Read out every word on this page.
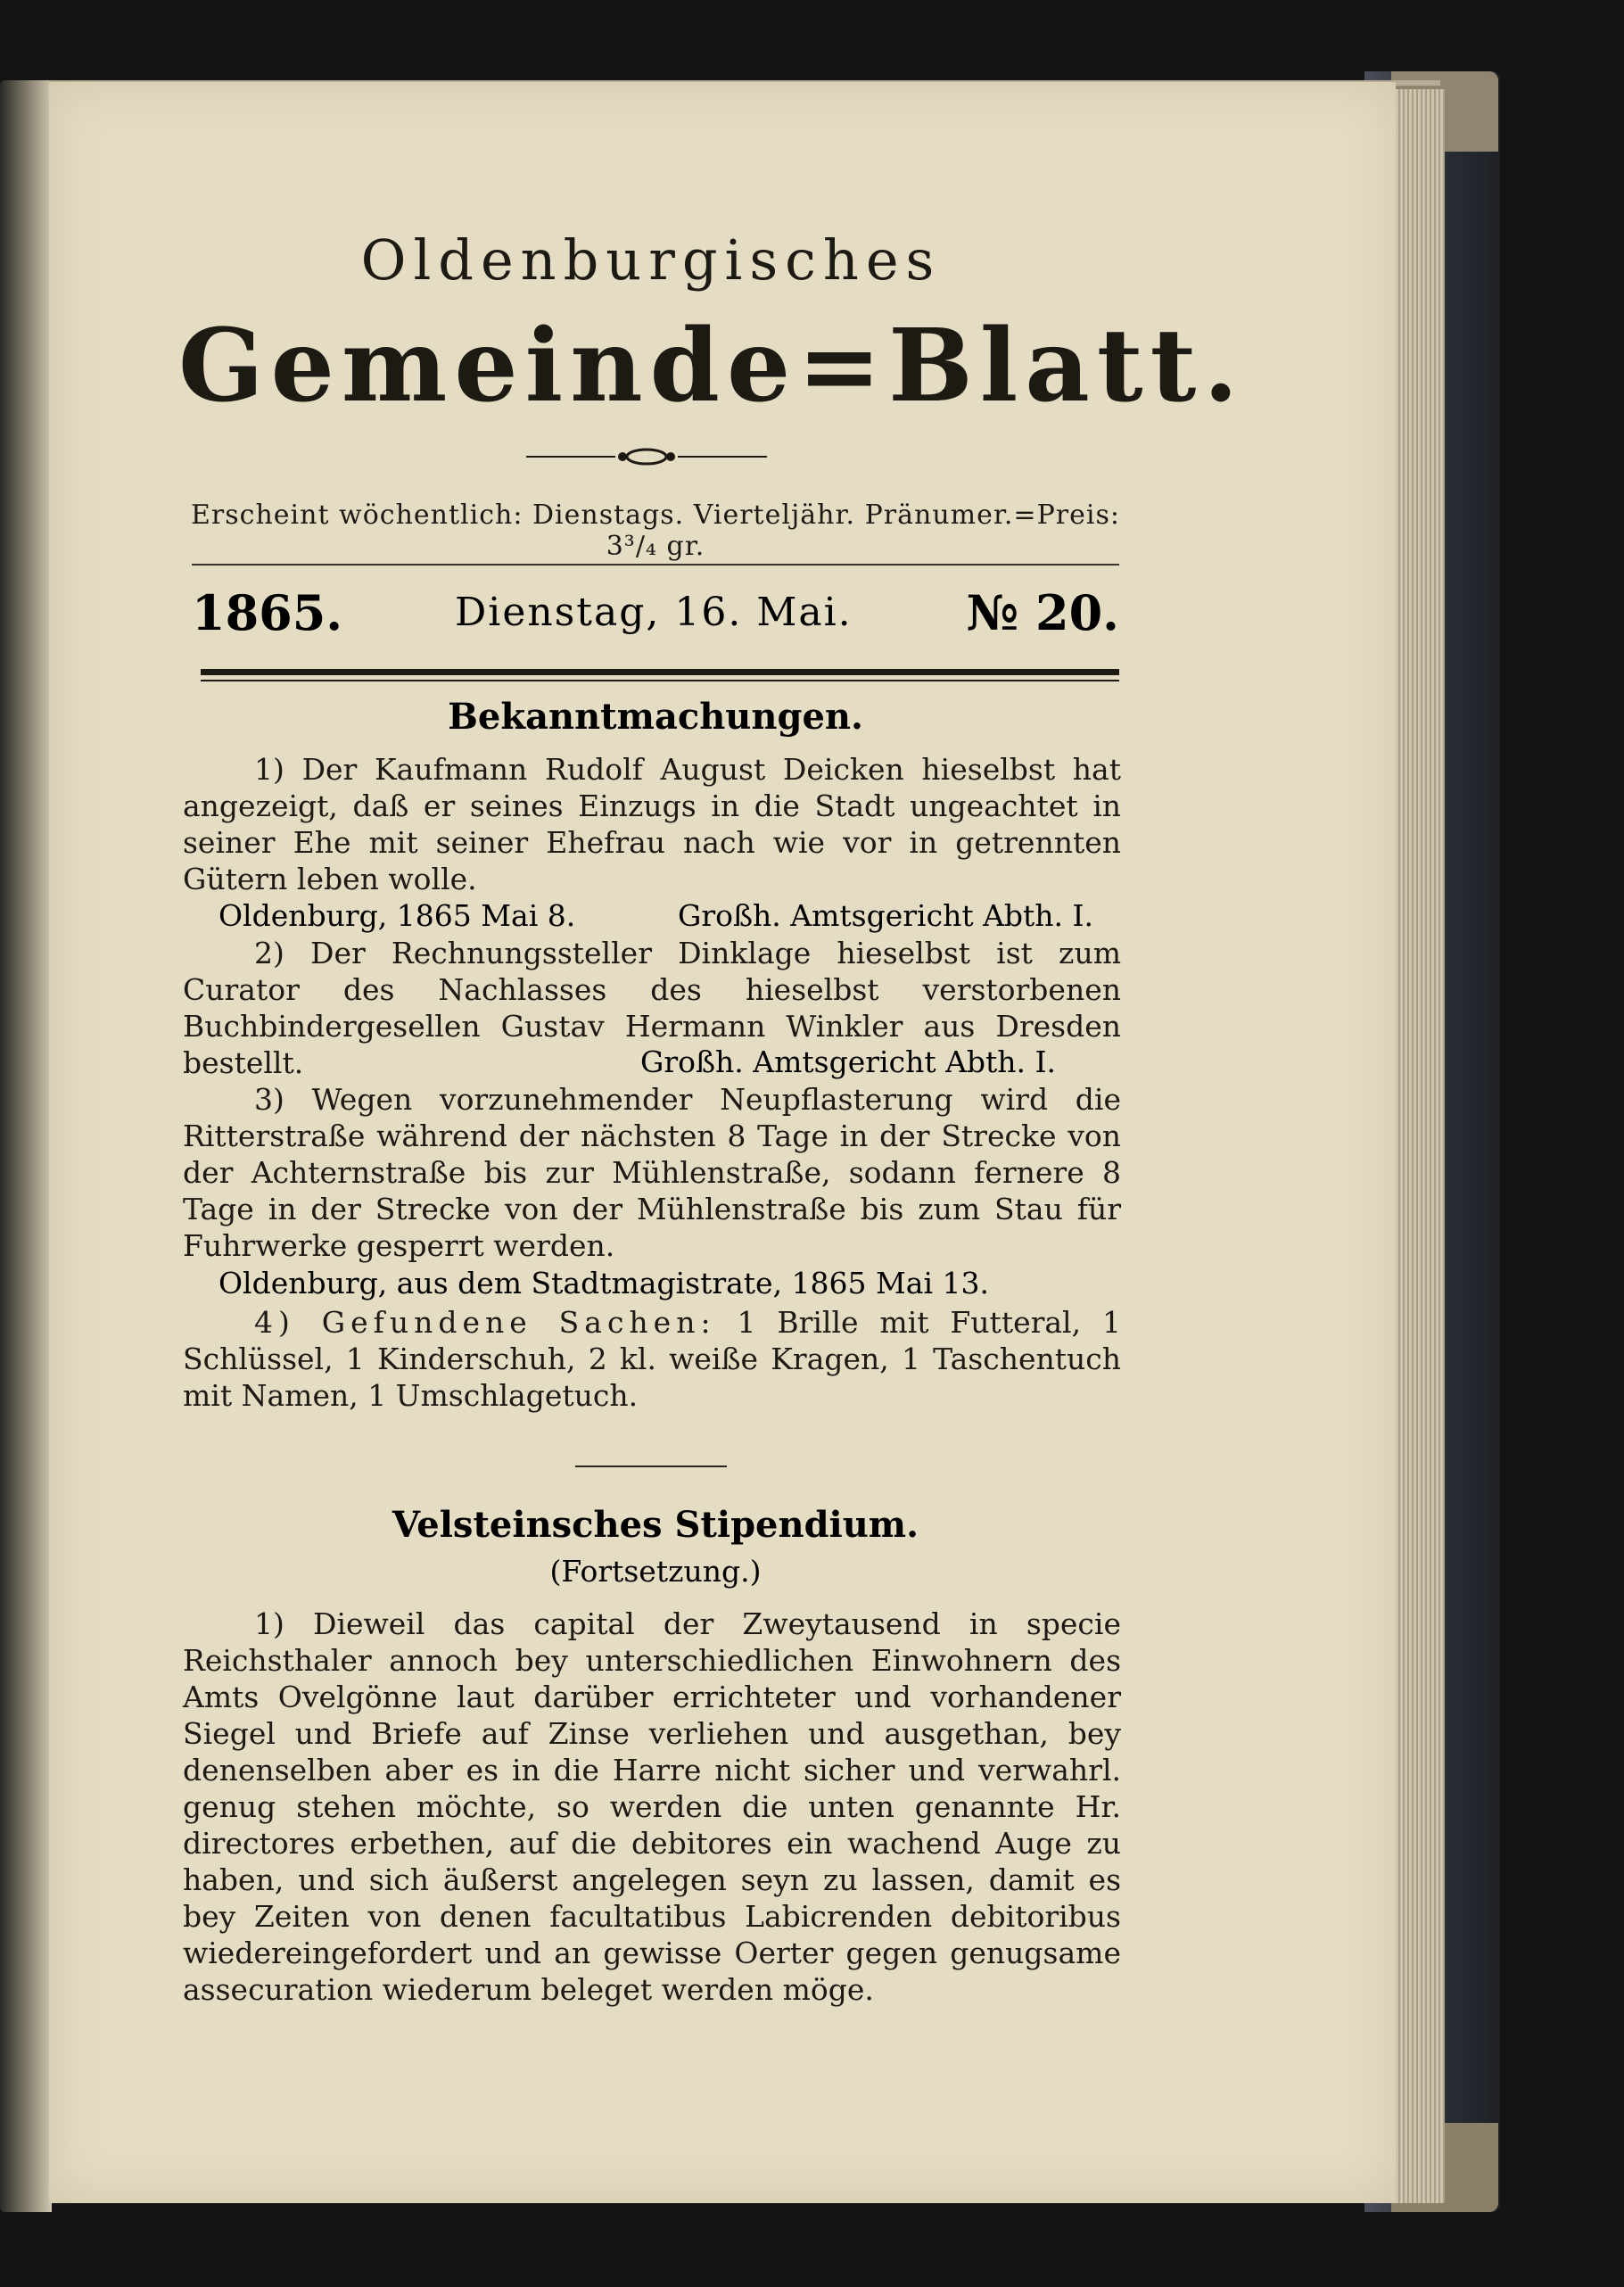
Oldenburgisches
Gemeinde=Blatt.
Erscheint wöchentlich: Dienstags. Vierteljähr. Pränumer.=Preis: 3³/₄ gr.
1865.	Dienstag, 16. Mai. № 20.
Bekanntmachungen.
1) Der Kaufmann Rudolf August Deicken hieselbst hat angezeigt, daß er seines Einzugs in die Stadt ungeachtet in seiner Ehe mit seiner Ehefrau nach wie vor in getrennten Gütern leben wolle.
Oldenburg, 1865 Mai 8.	Großh. Amtsgericht Abth. I.
2) Der Rechnungssteller Dinklage hieselbst ist zum Curator des Nachlasses des hieselbst verstorbenen Buchbindergesellen Gustav Hermann Winkler aus Dresden bestellt.	Großh. Amtsgericht Abth. I.
3) Wegen vorzunehmender Neupflasterung wird die Ritterstraße während der nächsten 8 Tage in der Strecke von der Achternstraße bis zur Mühlenstraße, sodann fernere 8 Tage in der Strecke von der Mühlenstraße bis zum Stau für Fuhrwerke gesperrt werden.
Oldenburg, aus dem Stadtmagistrate, 1865 Mai 13.
4) Gefundene Sachen: 1 Brille mit Futteral, 1 Schlüssel, 1 Kinderschuh, 2 kl. weiße Kragen, 1 Taschentuch mit Namen, 1 Umschlagetuch.
Velsteinsches Stipendium.
(Fortsetzung.)
1) Dieweil das capital der Zweytausend in specie Reichsthaler annoch bey unterschiedlichen Einwohnern des Amts Ovelgönne laut darüber errichteter und vorhandener Siegel und Briefe auf Zinse verliehen und ausgethan, bey denenselben aber es in die Harre nicht sicher und verwahrl. genug stehen möchte, so werden die unten genannte Hr. directores erbethen, auf die debitores ein wachend Auge zu haben, und sich äußerst angelegen seyn zu lassen, damit es bey Zeiten von denen facultatibus Labicrenden debitoribus wiedereingefordert und an gewisse Oerter gegen genugsame assecuration wiederum beleget werden möge.
